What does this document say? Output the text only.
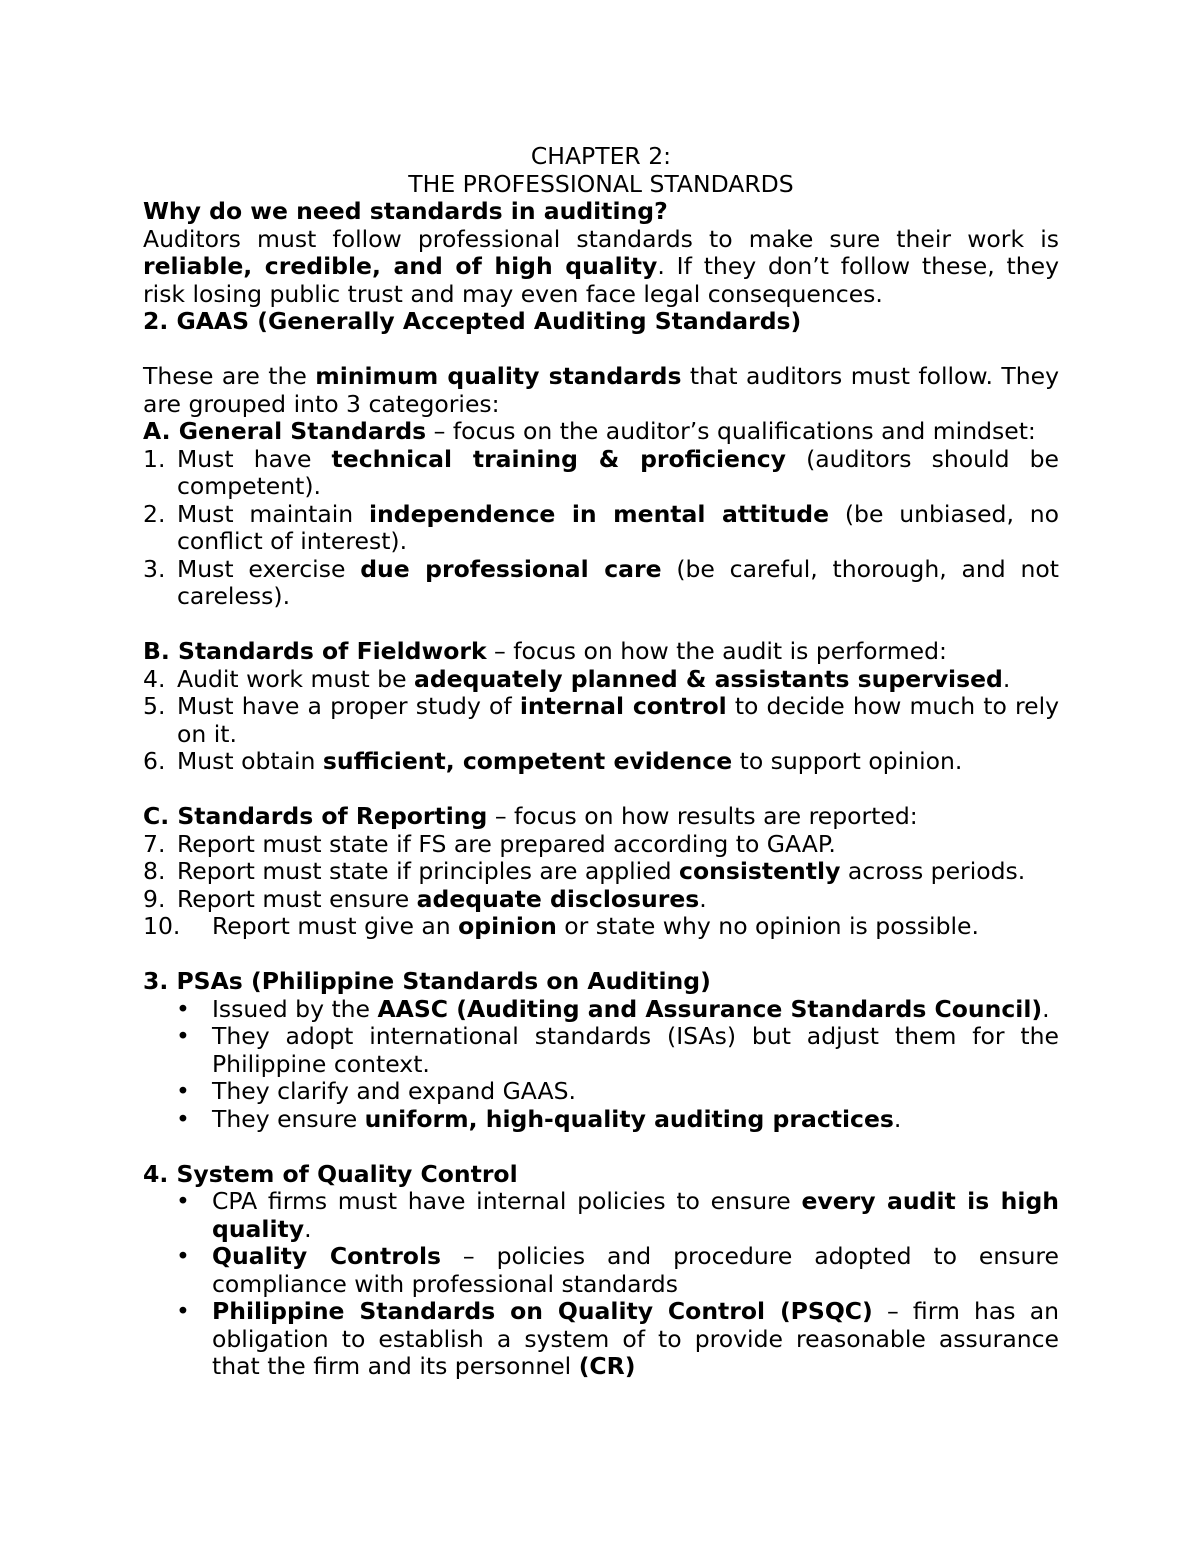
CHAPTER 2:

THE PROFESSIONAL STANDARDS

Why do we need standards in auditing?

Auditors must follow professional standards to make sure their work is reliable, credible, and of high quality. If they don’t follow these, they risk losing public trust and may even face legal consequences.

2. GAAS (Generally Accepted Auditing Standards)

These are the minimum quality standards that auditors must follow. They are grouped into 3 categories:

A. General Standards – focus on the auditor’s qualifications and mindset:

1. Must have technical training & proficiency (auditors should be competent).
2. Must maintain independence in mental attitude (be unbiased, no conflict of interest).
3. Must exercise due professional care (be careful, thorough, and not careless).

B. Standards of Fieldwork – focus on how the audit is performed:

4. Audit work must be adequately planned & assistants supervised.
5. Must have a proper study of internal control to decide how much to rely on it.
6. Must obtain sufficient, competent evidence to support opinion.

C. Standards of Reporting – focus on how results are reported:

7. Report must state if FS are prepared according to GAAP.
8. Report must state if principles are applied consistently across periods.
9. Report must ensure adequate disclosures.
10.	Report must give an opinion or state why no opinion is possible.

3. PSAs (Philippine Standards on Auditing)

• Issued by the AASC (Auditing and Assurance Standards Council).
• They adopt international standards (ISAs) but adjust them for the Philippine context.
• They clarify and expand GAAS.
• They ensure uniform, high-quality auditing practices.

4. System of Quality Control

• CPA firms must have internal policies to ensure every audit is high quality.
• Quality Controls – policies and procedure adopted to ensure compliance with professional standards
• Philippine Standards on Quality Control (PSQC) – firm has an obligation to establish a system of to provide reasonable assurance that the firm and its personnel (CR)
